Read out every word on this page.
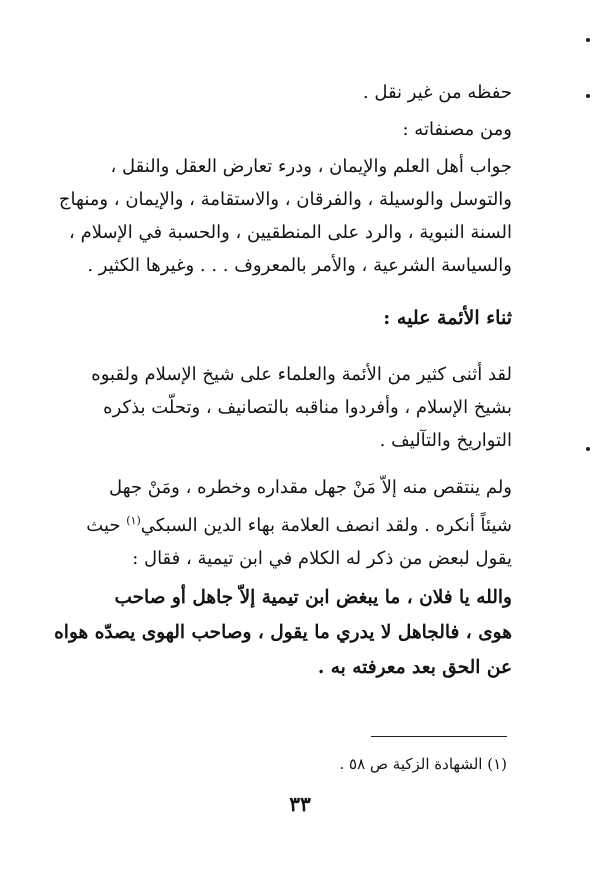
حفظه من غير نقل .
ومن مصنفاته :
جواب أهل العلم والإيمان ، ودرء تعارض العقل والنقل ،
والتوسل والوسيلة ، والفرقان ، والاستقامة ، والإيمان ، ومنهاج
السنة النبوية ، والرد على المنطقيين ، والحسبة في الإسلام ،
والسياسة الشرعية ، والأمر بالمعروف . . . وغيرها الكثير .
ثناء الأئمة عليه :
لقد أثنى كثير من الأئمة والعلماء على شيخ الإسلام ولقبوه
بشيخ الإسلام ، وأفردوا مناقبه بالتصانيف ، وتحلّت بذكره
التواريخ والتآليف .
ولم ينتقص منه إلاّ مَنْ جهل مقداره وخطره ، ومَنْ جهل
شيئاً أنكره . ولقد انصف العلامة بهاء الدين السبكي$^{(١)}$ حيث
يقول لبعض من ذكر له الكلام في ابن تيمية ، فقال :
والله يا فلان ، ما يبغض ابن تيمية إلاّ جاهل أو صاحب
هوى ، فالجاهل لا يدري ما يقول ، وصاحب الهوى يصدّه هواه
عن الحق بعد معرفته به .
(١) الشهادة الزكية ص ٥٨ .
٣٣
